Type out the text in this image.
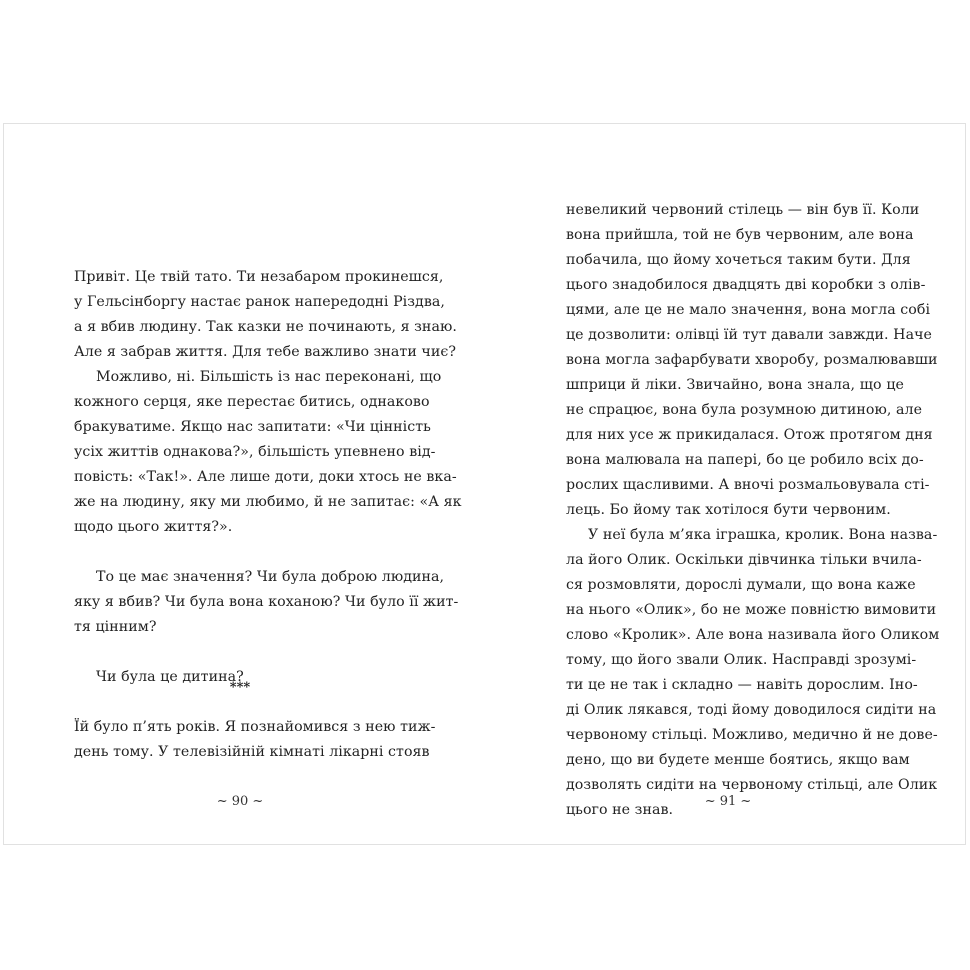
Привіт. Це твій тато. Ти незабаром прокинешся,
у Гельсінборгу настає ранок напередодні Різдва,
а я вбив людину. Так казки не починають, я знаю.
Але я забрав життя. Для тебе важливо знати чиє?
Можливо, ні. Більшість із нас переконані, що
кожного серця, яке перестає битись, однаково
бракуватиме. Якщо нас запитати: «Чи цінність
усіх життів однакова?», більшість упевнено від-
повість: «Так!». Але лише доти, доки хтось не вка-
же на людину, яку ми любимо, й не запитає: «А як
щодо цього життя?».
То це має значення? Чи була доброю людина,
яку я вбив? Чи була вона коханою? Чи було її жит-
тя цінним?
Чи була це дитина?
***
Їй було п’ять років. Я познайомився з нею тиж-
день тому. У телевізійній кімнаті лікарні стояв
~ 90 ~
невеликий червоний стілець — він був її. Коли
вона прийшла, той не був червоним, але вона
побачила, що йому хочеться таким бути. Для
цього знадобилося двадцять дві коробки з олів-
цями, але це не мало значення, вона могла собі
це дозволити: олівці їй тут давали завжди. Наче
вона могла зафарбувати хворобу, розмалювавши
шприци й ліки. Звичайно, вона знала, що це
не спрацює, вона була розумною дитиною, але
для них усе ж прикидалася. Отож протягом дня
вона малювала на папері, бо це робило всіх до-
рослих щасливими. А вночі розмальовувала сті-
лець. Бо йому так хотілося бути червоним.
У неї була м’яка іграшка, кролик. Вона назва-
ла його Олик. Оскільки дівчинка тільки вчила-
ся розмовляти, дорослі думали, що вона каже
на нього «Олик», бо не може повністю вимовити
слово «Кролик». Але вона називала його Оликом
тому, що його звали Олик. Насправді зрозумі-
ти це не так і складно — навіть дорослим. Іно-
ді Олик лякався, тоді йому доводилося сидіти на
червоному стільці. Можливо, медично й не дове-
дено, що ви будете менше боятись, якщо вам
дозволять сидіти на червоному стільці, але Олик
цього не знав.
~ 91 ~
